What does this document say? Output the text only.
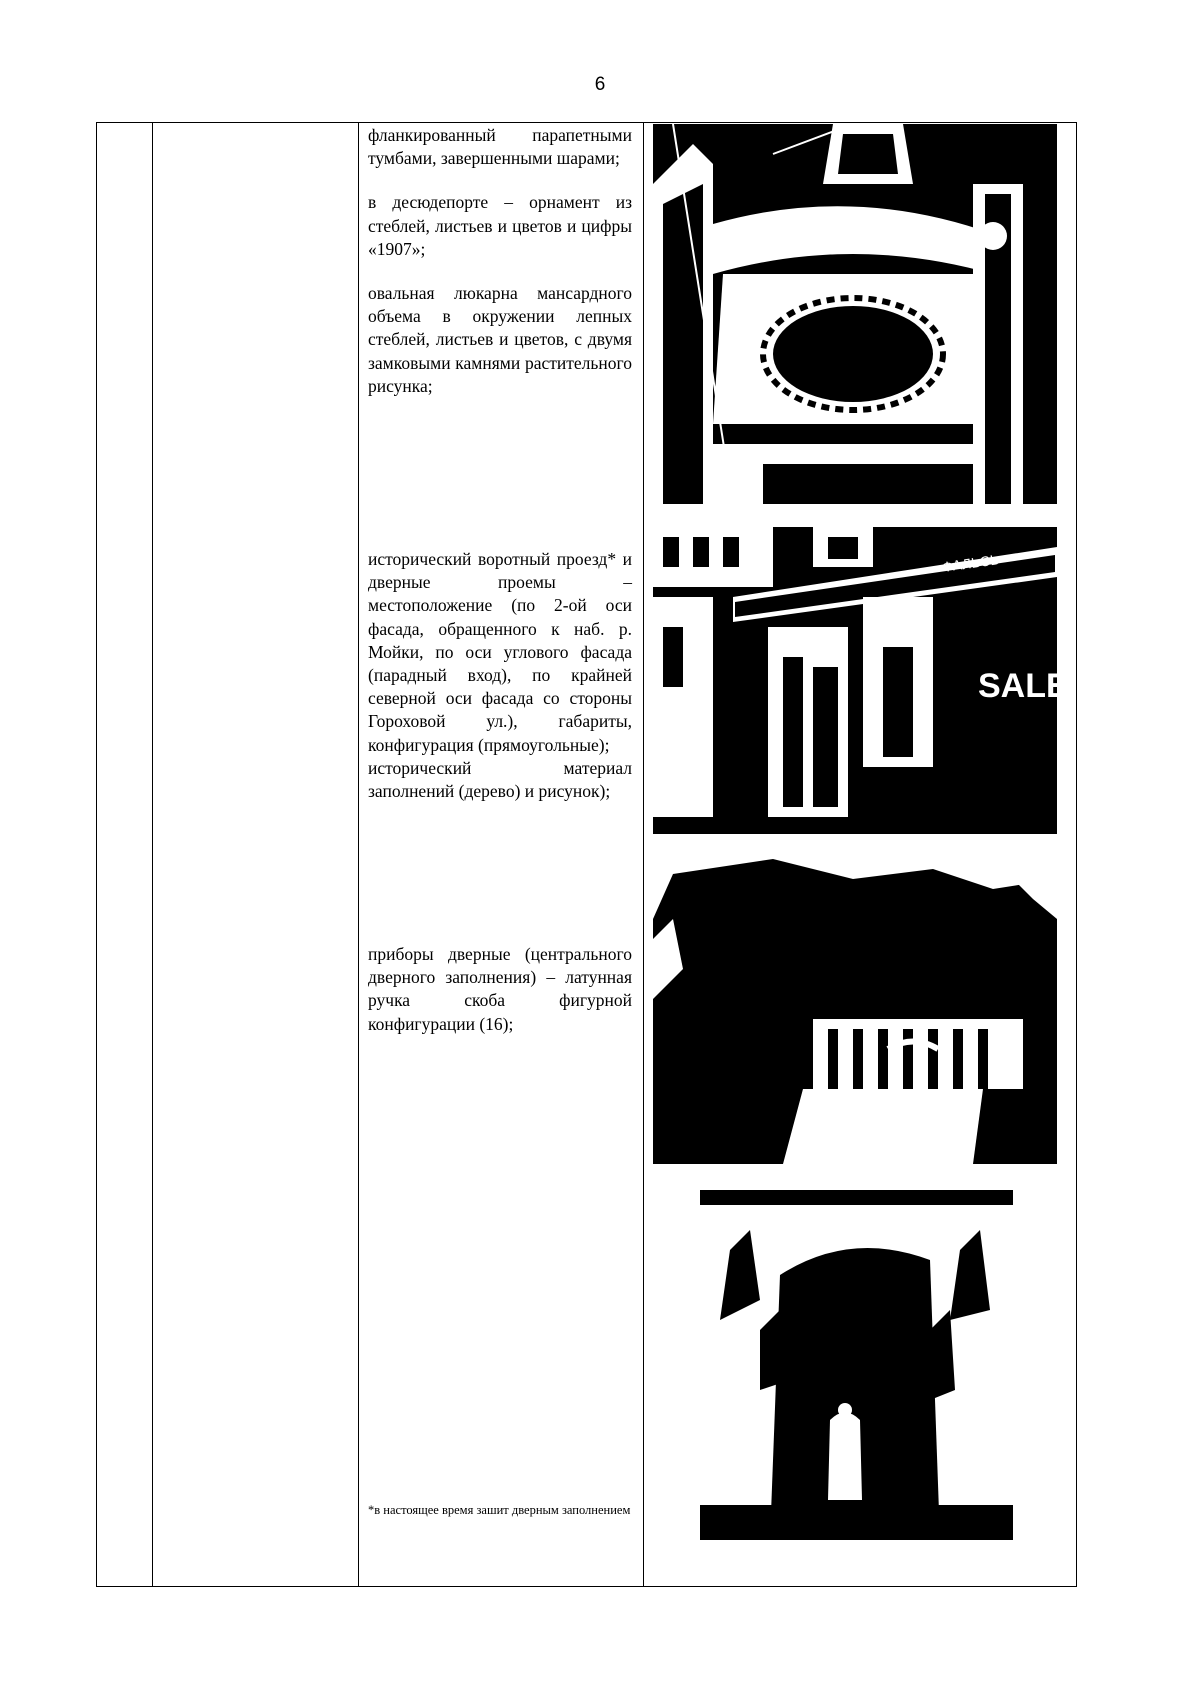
6

фланкированный парапетными тумбами, завершенными шарами;

в десюдепорте – орнамент из стеблей, листьев и цветов и цифры «1907»;

овальная люкарна мансардного объема в окружении лепных стеблей, листьев и цветов, с двумя замковыми камнями растительного рисунка;

исторический воротный проезд* и дверные проемы – местоположение (по 2-ой оси фасада, обращенного к наб. р. Мойки, по оси углового фасада (парадный вход), по крайней северной оси фасада со стороны Гороховой ул.), габариты, конфигурация (прямоугольные);

исторический материал заполнений (дерево) и рисунок);

приборы дверные (центрального дверного заполнения) – латунная ручка скоба фигурной конфигурации (16);

*в настоящее время зашит дверным заполнением
ФАЛЬСЬ
SALE
